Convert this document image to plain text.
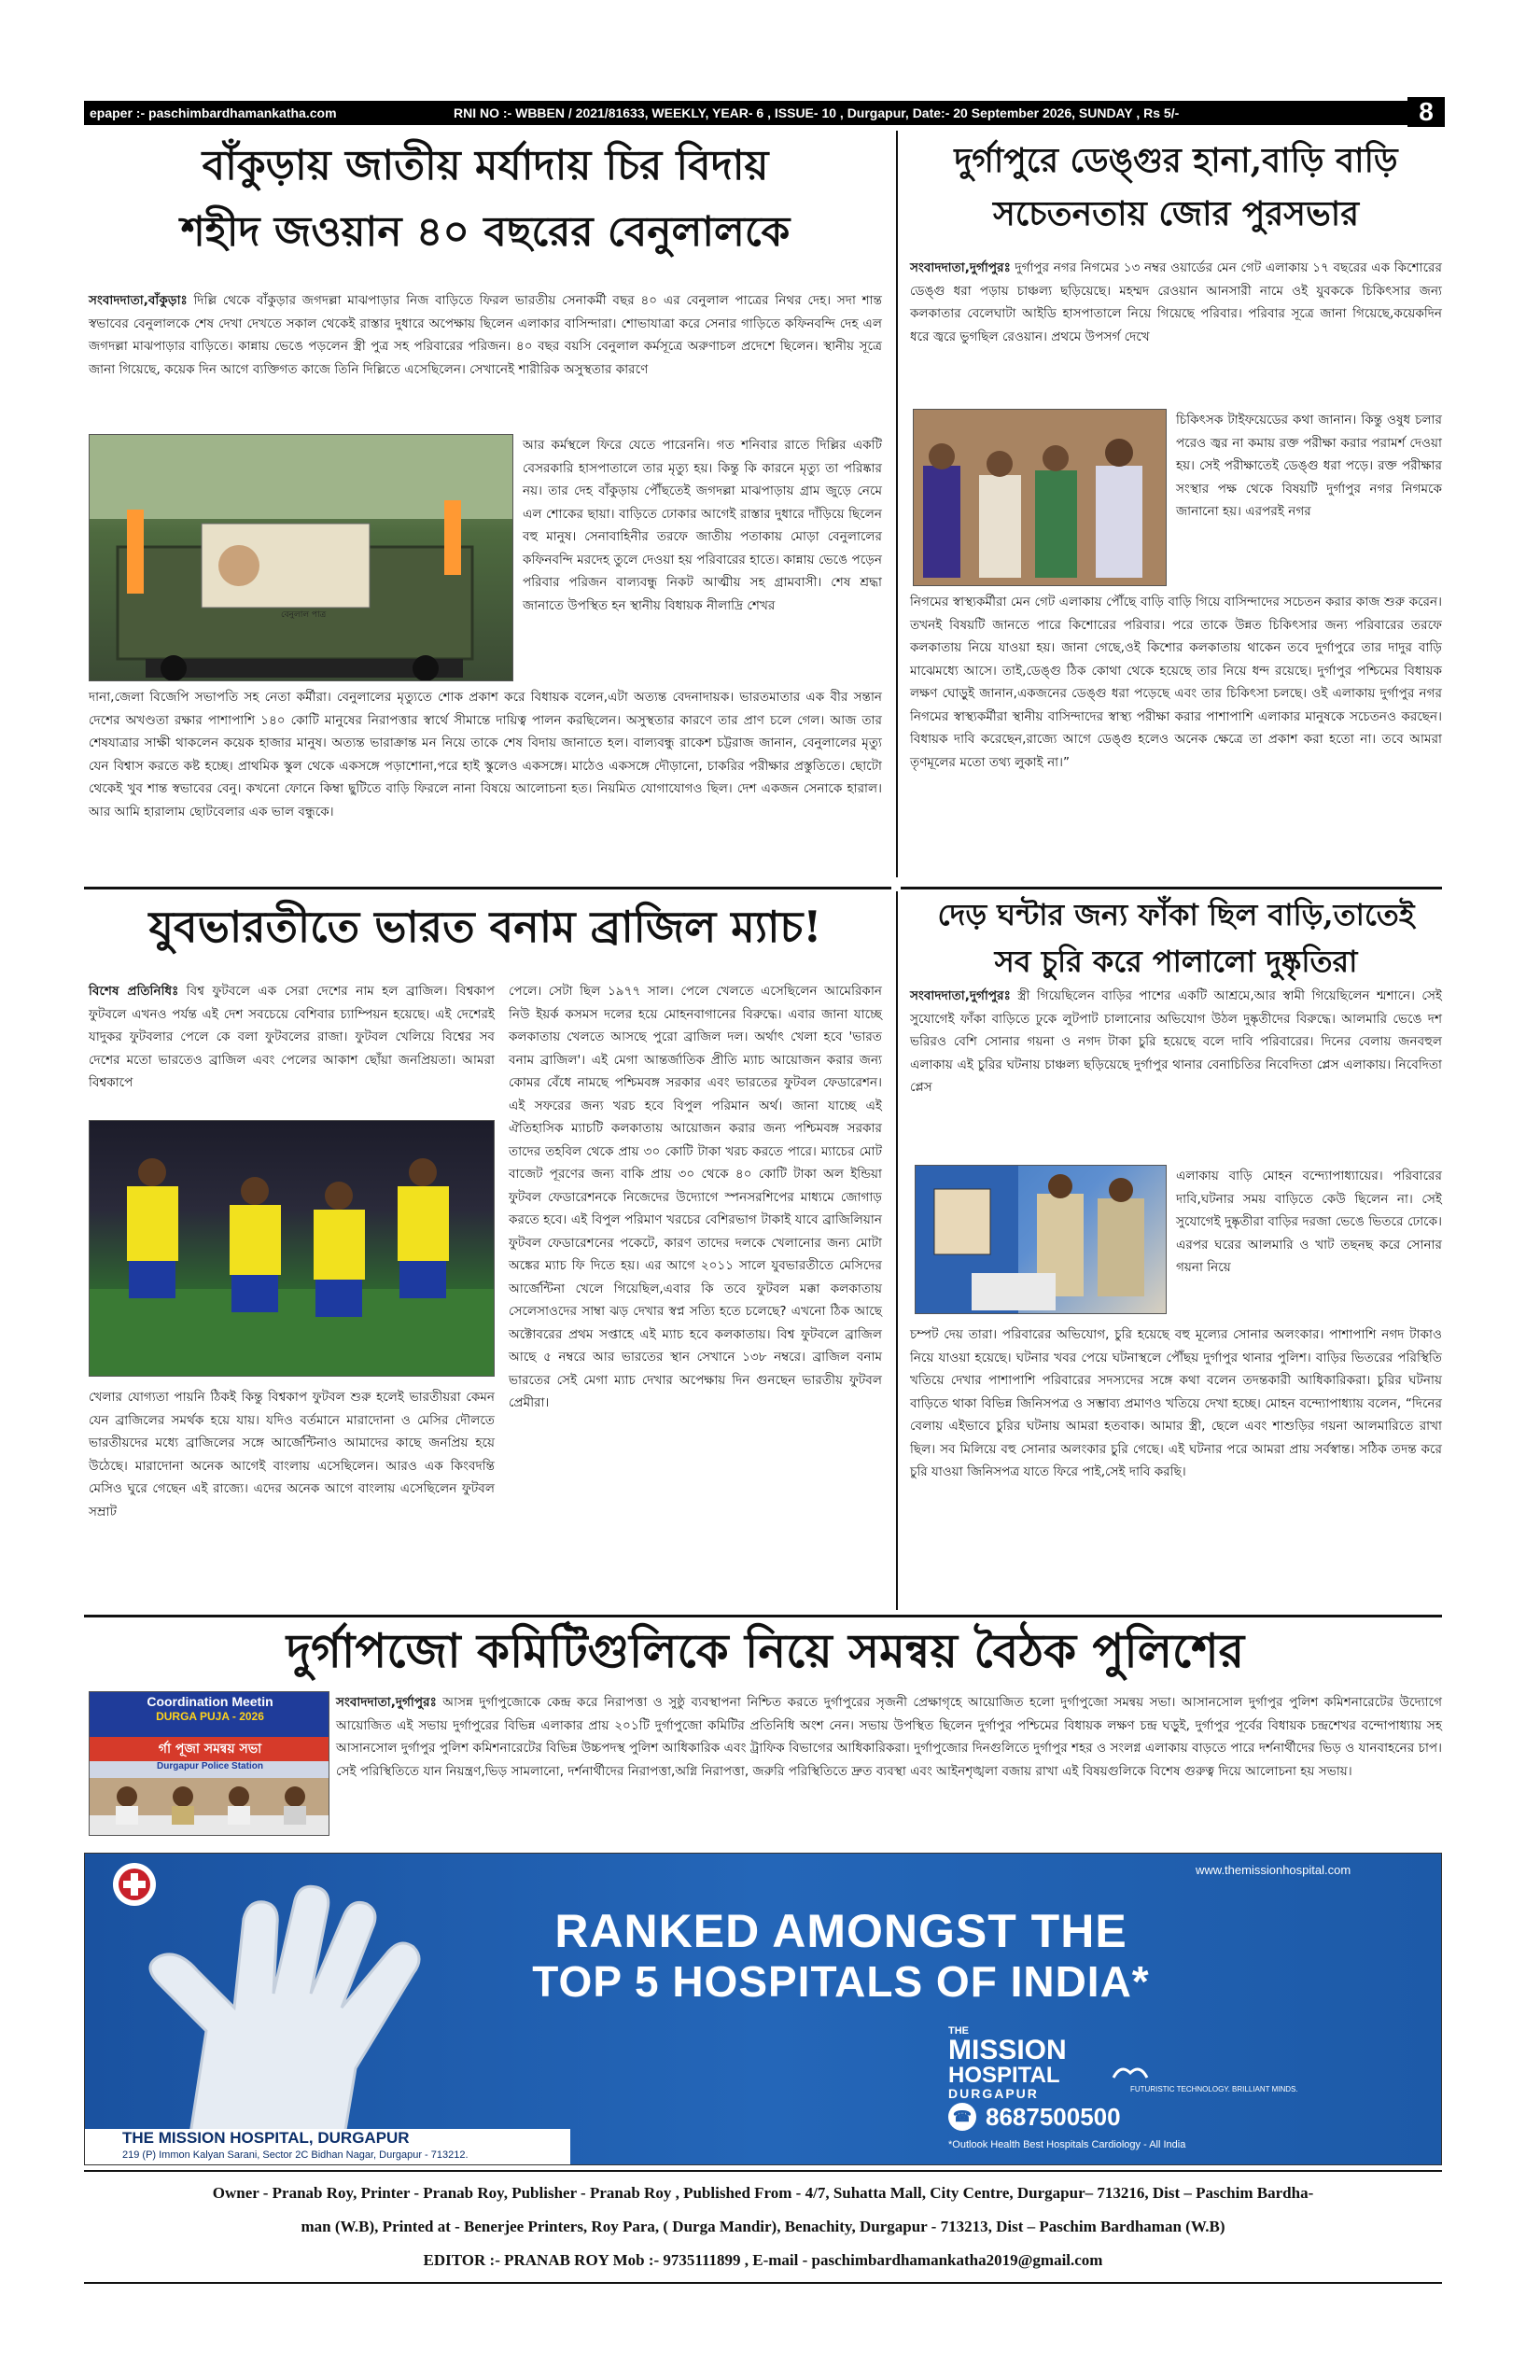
epaper :- paschimbardhamankatha.com	RNI NO :- WBBEN / 2021/81633, WEEKLY, YEAR- 6 , ISSUE- 10 , Durgapur, Date:- 20 September 2026, SUNDAY , Rs 5/-	8
বাঁকুড়ায় জাতীয় মর্যাদায় চির বিদায়
শহীদ জওয়ান ৪০ বছরের বেনুলালকে
সংবাদদাতা,বাঁকুড়াঃ দিল্লি থেকে বাঁকুড়ার জগদল্লা মাঝপাড়ার নিজ বাড়িতে ফিরল ভারতীয় সেনাকর্মী বছর ৪০ এর বেনুলাল পাত্রের নিথর দেহ। সদা শান্ত স্বভাবের বেনুলালকে শেষ দেখা দেখতে সকাল থেকেই রাস্তার দুধারে অপেক্ষায় ছিলেন এলাকার বাসিন্দারা। শোভাযাত্রা করে সেনার গাড়িতে কফিনবন্দি দেহ এল জগদল্লা মাঝপাড়ার বাড়িতে। কান্নায় ভেঙে পড়লেন স্ত্রী পুত্র সহ পরিবারের পরিজন। ৪০ বছর বয়সি বেনুলাল কর্মসূত্রে অরুণাচল প্রদেশে ছিলেন। স্থানীয় সূত্রে জানা গিয়েছে, কয়েক দিন আগে ব্যক্তিগত কাজে তিনি দিল্লিতে এসেছিলেন। সেখানেই শারীরিক অসুস্থতার কারণে
বেনুলাল পাত্র
আর কর্মস্থলে ফিরে যেতে পারেননি। গত শনিবার রাতে দিল্লির একটি বেসরকারি হাসপাতালে তার মৃত্যু হয়। কিন্তু কি কারনে মৃত্যু তা পরিষ্কার নয়। তার দেহ বাঁকুড়ায় পৌঁছতেই জগদল্লা মাঝপাড়ায় গ্রাম জুড়ে নেমে এল শোকের ছায়া। বাড়িতে ঢোকার আগেই রাস্তার দুধারে দাঁড়িয়ে ছিলেন বহু মানুষ। সেনাবাহিনীর তরফে জাতীয় পতাকায় মোড়া বেনুলালের কফিনবন্দি মরদেহ তুলে দেওয়া হয় পরিবারের হাতে। কান্নায় ভেঙে পড়েন পরিবার পরিজন বাল্যবন্ধু নিকট আত্মীয় সহ গ্রামবাসী। শেষ শ্রদ্ধা জানাতে উপস্থিত হন স্থানীয় বিধায়ক নীলাদ্রি শেখর
দানা,জেলা বিজেপি সভাপতি সহ নেতা কর্মীরা। বেনুলালের মৃত্যুতে শোক প্রকাশ করে বিধায়ক বলেন,এটা অত্যন্ত বেদনাদায়ক। ভারতমাতার এক বীর সন্তান দেশের অখণ্ডতা রক্ষার পাশাপাশি ১৪০ কোটি মানুষের নিরাপত্তার স্বার্থে সীমান্তে দায়িত্ব পালন করছিলেন। অসুস্থতার কারণে তার প্রাণ চলে গেল। আজ তার শেষযাত্রার সাক্ষী থাকলেন কয়েক হাজার মানুষ। অত্যন্ত ভারাক্রান্ত মন নিয়ে তাকে শেষ বিদায় জানাতে হল। বাল্যবন্ধু রাকেশ চট্টরাজ জানান, বেনুলালের মৃত্যু যেন বিশ্বাস করতে কষ্ট হচ্ছে। প্রাথমিক স্কুল থেকে একসঙ্গে পড়াশোনা,পরে হাই স্কুলেও একসঙ্গে। মাঠেও একসঙ্গে দৌড়ানো, চাকরির পরীক্ষার প্রস্তুতিতে। ছোটো থেকেই খুব শান্ত স্বভাবের বেনু। কখনো ফোনে কিম্বা ছুটিতে বাড়ি ফিরলে নানা বিষয়ে আলোচনা হত। নিয়মিত যোগাযোগও ছিল। দেশ একজন সেনাকে হারাল। আর আমি হারালাম ছোটবেলার এক ভাল বন্ধুকে।
দুর্গাপুরে ডেঙ্গুর হানা,বাড়ি বাড়ি
সচেতনতায় জোর পুরসভার
সংবাদদাতা,দুর্গাপুরঃ দুর্গাপুর নগর নিগমের ১৩ নম্বর ওয়ার্ডের মেন গেট এলাকায় ১৭ বছরের এক কিশোরের ডেঙ্গু ধরা পড়ায় চাঞ্চল্য ছড়িয়েছে। মহম্মদ রেওয়ান আনসারী নামে ওই যুবককে চিকিৎসার জন্য কলকাতার বেলেঘাটা আইডি হাসপাতালে নিয়ে গিয়েছে পরিবার। পরিবার সূত্রে জানা গিয়েছে,কয়েকদিন ধরে জ্বরে ভুগছিল রেওয়ান। প্রথমে উপসর্গ দেখে
চিকিৎসক টাইফয়েডের কথা জানান। কিন্তু ওষুধ চলার পরেও জ্বর না কমায় রক্ত পরীক্ষা করার পরামর্শ দেওয়া হয়। সেই পরীক্ষাতেই ডেঙ্গু ধরা পড়ে। রক্ত পরীক্ষার সংস্থার পক্ষ থেকে বিষয়টি দুর্গাপুর নগর নিগমকে জানানো হয়। এরপরই নগর
নিগমের স্বাস্থ্যকর্মীরা মেন গেট এলাকায় পৌঁছে বাড়ি বাড়ি গিয়ে বাসিন্দাদের সচেতন করার কাজ শুরু করেন। তখনই বিষয়টি জানতে পারে কিশোরের পরিবার। পরে তাকে উন্নত চিকিৎসার জন্য পরিবারের তরফে কলকাতায় নিয়ে যাওয়া হয়। জানা গেছে,ওই কিশোর কলকাতায় থাকেন তবে দুর্গাপুরে তার দাদুর বাড়ি মাঝেমধ্যে আসে। তাই,ডেঙ্গু ঠিক কোথা থেকে হয়েছে তার নিয়ে ধন্দ রয়েছে। দুর্গাপুর পশ্চিমের বিধায়ক লক্ষণ ঘোড়ুই জানান,একজনের ডেঙ্গু ধরা পড়েছে এবং তার চিকিৎসা চলছে। ওই এলাকায় দুর্গাপুর নগর নিগমের স্বাস্থ্যকর্মীরা স্থানীয় বাসিন্দাদের স্বাস্থ্য পরীক্ষা করার পাশাপাশি এলাকার মানুষকে সচেতনও করছেন। বিধায়ক দাবি করেছেন,রাজ্যে আগে ডেঙ্গু হলেও অনেক ক্ষেত্রে তা প্রকাশ করা হতো না। তবে আমরা তৃণমূলের মতো তথ্য লুকাই না।”
যুবভারতীতে ভারত বনাম ব্রাজিল ম্যাচ!
বিশেষ প্রতিনিধিঃ বিশ্ব ফুটবলে এক সেরা দেশের নাম হল ব্রাজিল। বিশ্বকাপ ফুটবলে এখনও পর্যন্ত এই দেশ সবচেয়ে বেশিবার চ্যাম্পিয়ন হয়েছে। এই দেশেরই যাদুকর ফুটবলার পেলে কে বলা ফুটবলের রাজা। ফুটবল খেলিয়ে বিশ্বের সব দেশের মতো ভারতেও ব্রাজিল এবং পেলের আকাশ ছোঁয়া জনপ্রিয়তা। আমরা বিশ্বকাপে
খেলার যোগ্যতা পায়নি ঠিকই কিন্তু বিশ্বকাপ ফুটবল শুরু হলেই ভারতীয়রা কেমন যেন ব্রাজিলের সমর্থক হয়ে যায়। যদিও বর্তমানে মারাদোনা ও মেসির দৌলতে ভারতীয়দের মধ্যে ব্রাজিলের সঙ্গে আর্জেন্টিনাও আমাদের কাছে জনপ্রিয় হয়ে উঠেছে। মারাদোনা অনেক আগেই বাংলায় এসেছিলেন। আরও এক কিংবদন্তি মেসিও ঘুরে গেছেন এই রাজ্যে। এদের অনেক আগে বাংলায় এসেছিলেন ফুটবল সম্রাট
পেলে। সেটা ছিল ১৯৭৭ সাল। পেলে খেলতে এসেছিলেন আমেরিকান নিউ ইয়র্ক কসমস দলের হয়ে মোহনবাগানের বিরুদ্ধে। এবার জানা যাচ্ছে কলকাতায় খেলতে আসছে পুরো ব্রাজিল দল। অর্থাৎ খেলা হবে 'ভারত বনাম ব্রাজিল'। এই মেগা আন্তর্জাতিক প্রীতি ম্যাচ আয়োজন করার জন্য কোমর বেঁধে নামছে পশ্চিমবঙ্গ সরকার এবং ভারতের ফুটবল ফেডারেশন। এই সফরের জন্য খরচ হবে বিপুল পরিমান অর্থ। জানা যাচ্ছে এই ঐতিহাসিক ম্যাচটি কলকাতায় আয়োজন করার জন্য পশ্চিমবঙ্গ সরকার তাদের তহবিল থেকে প্রায় ৩০ কোটি টাকা খরচ করতে পারে। ম্যাচের মোট বাজেট পূরণের জন্য বাকি প্রায় ৩০ থেকে ৪০ কোটি টাকা অল ইন্ডিয়া ফুটবল ফেডারেশনকে নিজেদের উদ্যোগে স্পনসরশিপের মাধ্যমে জোগাড় করতে হবে। এই বিপুল পরিমাণ খরচের বেশিরভাগ টাকাই যাবে ব্রাজিলিয়ান ফুটবল ফেডারেশনের পকেটে, কারণ তাদের দলকে খেলানোর জন্য মোটা অঙ্কের ম্যাচ ফি দিতে হয়। এর আগে ২০১১ সালে যুবভারতীতে মেসিদের আর্জেন্টিনা খেলে গিয়েছিল,এবার কি তবে ফুটবল মক্কা কলকাতায় সেলেসাওদের সাম্বা ঝড় দেখার স্বপ্ন সত্যি হতে চলেছে? এখনো ঠিক আছে অক্টোবরের প্রথম সপ্তাহে এই ম্যাচ হবে কলকাতায়। বিশ্ব ফুটবলে ব্রাজিল আছে ৫ নম্বরে আর ভারতের স্থান সেখানে ১৩৮ নম্বরে। ব্রাজিল বনাম ভারতের সেই মেগা ম্যাচ দেখার অপেক্ষায় দিন গুনছেন ভারতীয় ফুটবল প্রেমীরা।
দেড় ঘন্টার জন্য ফাঁকা ছিল বাড়ি,তাতেই
সব চুরি করে পালালো দুষ্কৃতিরা
সংবাদদাতা,দুর্গাপুরঃ স্ত্রী গিয়েছিলেন বাড়ির পাশের একটি আশ্রমে,আর স্বামী গিয়েছিলেন শ্মশানে। সেই সুযোগেই ফাঁকা বাড়িতে ঢুকে লুটপাট চালানোর অভিযোগ উঠল দুষ্কৃতীদের বিরুদ্ধে। আলমারি ভেঙে দশ ভরিরও বেশি সোনার গয়না ও নগদ টাকা চুরি হয়েছে বলে দাবি পরিবারের। দিনের বেলায় জনবহুল এলাকায় এই চুরির ঘটনায় চাঞ্চল্য ছড়িয়েছে দুর্গাপুর থানার বেনাচিতির নিবেদিতা প্লেস এলাকায়। নিবেদিতা প্লেস
এলাকায় বাড়ি মোহন বন্দ্যোপাধ্যায়ের। পরিবারের দাবি,ঘটনার সময় বাড়িতে কেউ ছিলেন না। সেই সুযোগেই দুষ্কৃতীরা বাড়ির দরজা ভেঙে ভিতরে ঢোকে। এরপর ঘরের আলমারি ও খাট তছনছ করে সোনার গয়না নিয়ে
চম্পট দেয় তারা। পরিবারের অভিযোগ, চুরি হয়েছে বহু মূল্যের সোনার অলংকার। পাশাপাশি নগদ টাকাও নিয়ে যাওয়া হয়েছে। ঘটনার খবর পেয়ে ঘটনাস্থলে পৌঁছয় দুর্গাপুর থানার পুলিশ। বাড়ির ভিতরের পরিস্থিতি খতিয়ে দেখার পাশাপাশি পরিবারের সদস্যদের সঙ্গে কথা বলেন তদন্তকারী আধিকারিকরা। চুরির ঘটনায় বাড়িতে থাকা বিভিন্ন জিনিসপত্র ও সম্ভাব্য প্রমাণও খতিয়ে দেখা হচ্ছে। মোহন বন্দ্যোপাধ্যায় বলেন, “দিনের বেলায় এইভাবে চুরির ঘটনায় আমরা হতবাক। আমার স্ত্রী, ছেলে এবং শাশুড়ির গয়না আলমারিতে রাখা ছিল। সব মিলিয়ে বহু সোনার অলংকার চুরি গেছে। এই ঘটনার পরে আমরা প্রায় সর্বস্বান্ত। সঠিক তদন্ত করে চুরি যাওয়া জিনিসপত্র যাতে ফিরে পাই,সেই দাবি করছি।
দুর্গাপজো কমিটিগুলিকে নিয়ে সমন্বয় বৈঠক পুলিশের
Coordination Meetin
DURGA PUJA - 2026
র্গা পূজা সমন্বয় সভা
Durgapur Police Station
সংবাদদাতা,দুর্গাপুরঃ আসন্ন দুর্গাপুজোকে কেন্দ্র করে নিরাপত্তা ও সুষ্ঠু ব্যবস্থাপনা নিশ্চিত করতে দুর্গাপুরের সৃজনী প্রেক্ষাগৃহে আয়োজিত হলো দুর্গাপুজো সমন্বয় সভা। আসানসোল দুর্গাপুর পুলিশ কমিশনারেটের উদ্যোগে আয়োজিত এই সভায় দুর্গাপুরের বিভিন্ন এলাকার প্রায় ২০১টি দুর্গাপুজো কমিটির প্রতিনিধি অংশ নেন। সভায় উপস্থিত ছিলেন দুর্গাপুর পশ্চিমের বিধায়ক লক্ষণ চন্দ্র ঘড়ুই, দুর্গাপুর পূর্বের বিধায়ক চন্দ্রশেখর বন্দোপাধ্যায় সহ আসানসোল দুর্গাপুর পুলিশ কমিশনারেটের বিভিন্ন উচ্চপদস্থ পুলিশ আধিকারিক এবং ট্রাফিক বিভাগের আধিকারিকরা। দুর্গাপুজোর দিনগুলিতে দুর্গাপুর শহর ও সংলগ্ন এলাকায় বাড়তে পারে দর্শনার্থীদের ভিড় ও যানবাহনের চাপ। সেই পরিস্থিতিতে যান নিয়ন্ত্রণ,ভিড় সামলানো, দর্শনার্থীদের নিরাপত্তা,অগ্নি নিরাপত্তা, জরুরি পরিস্থিতিতে দ্রুত ব্যবস্থা এবং আইনশৃঙ্খলা বজায় রাখা এই বিষয়গুলিকে বিশেষ গুরুত্ব দিয়ে আলোচনা হয় সভায়।
www.themissionhospital.com
RANKED AMONGST THE
TOP 5 HOSPITALS OF INDIA*
THE
MISSION
HOSPITAL
DURGAPUR	FUTURISTIC TECHNOLOGY. BRILLIANT MINDS.
☎ 8687500500
*Outlook Health Best Hospitals Cardiology - All India
THE MISSION HOSPITAL, DURGAPUR
219 (P) Immon Kalyan Sarani, Sector 2C Bidhan Nagar, Durgapur - 713212.
Owner - Pranab Roy, Printer - Pranab Roy, Publisher - Pranab Roy , Published From - 4/7, Suhatta Mall, City Centre, Durgapur– 713216, Dist – Paschim Bardha-
man (W.B), Printed at - Benerjee Printers, Roy Para, ( Durga Mandir), Benachity, Durgapur - 713213, Dist – Paschim Bardhaman (W.B)
EDITOR :- PRANAB ROY Mob :- 9735111899 , E-mail - paschimbardhamankatha2019@gmail.com
